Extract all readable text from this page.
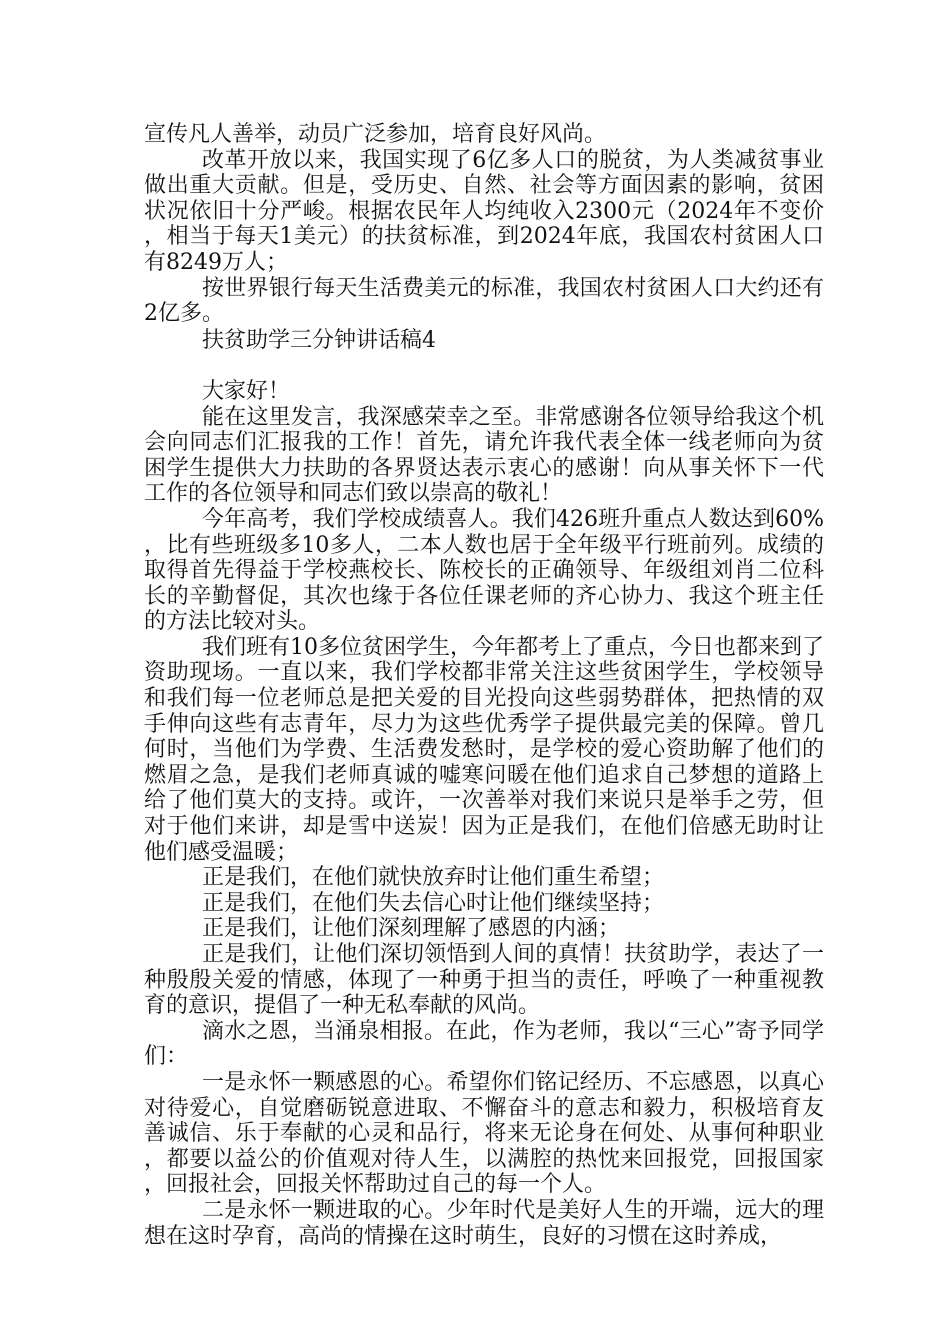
宣传凡人善举，动员广泛参加，培育良好风尚。

改革开放以来，我国实现了6亿多人口的脱贫，为人类减贫事业做出重大贡献。但是，受历史、自然、社会等方面因素的影响，贫困状况依旧十分严峻。根据农民年人均纯收入2300元（2024年不变价，相当于每天1美元）的扶贫标准，到2024年底，我国农村贫困人口有8249万人；

按世界银行每天生活费美元的标准，我国农村贫困人口大约还有2亿多。

扶贫助学三分钟讲话稿4

大家好！

能在这里发言，我深感荣幸之至。非常感谢各位领导给我这个机会向同志们汇报我的工作！首先，请允许我代表全体一线老师向为贫困学生提供大力扶助的各界贤达表示衷心的感谢！向从事关怀下一代工作的各位领导和同志们致以崇高的敬礼！

今年高考，我们学校成绩喜人。我们426班升重点人数达到60%，比有些班级多10多人，二本人数也居于全年级平行班前列。成绩的取得首先得益于学校燕校长、陈校长的正确领导、年级组刘肖二位科长的辛勤督促，其次也缘于各位任课老师的齐心协力、我这个班主任的方法比较对头。

我们班有10多位贫困学生，今年都考上了重点，今日也都来到了资助现场。一直以来，我们学校都非常关注这些贫困学生，学校领导和我们每一位老师总是把关爱的目光投向这些弱势群体，把热情的双手伸向这些有志青年，尽力为这些优秀学子提供最完美的保障。曾几何时，当他们为学费、生活费发愁时，是学校的爱心资助解了他们的燃眉之急，是我们老师真诚的嘘寒问暖在他们追求自己梦想的道路上给了他们莫大的支持。或许，一次善举对我们来说只是举手之劳，但对于他们来讲，却是雪中送炭！因为正是我们，在他们倍感无助时让他们感受温暖；

正是我们，在他们就快放弃时让他们重生希望；

正是我们，在他们失去信心时让他们继续坚持；

正是我们，让他们深刻理解了感恩的内涵；

正是我们，让他们深切领悟到人间的真情！扶贫助学，表达了一种殷殷关爱的情感，体现了一种勇于担当的责任，呼唤了一种重视教育的意识，提倡了一种无私奉献的风尚。

滴水之恩，当涌泉相报。在此，作为老师，我以“三心”寄予同学们：

一是永怀一颗感恩的心。希望你们铭记经历、不忘感恩，以真心对待爱心，自觉磨砺锐意进取、不懈奋斗的意志和毅力，积极培育友善诚信、乐于奉献的心灵和品行，将来无论身在何处、从事何种职业，都要以益公的价值观对待人生，以满腔的热忱来回报党，回报国家，回报社会，回报关怀帮助过自己的每一个人。

二是永怀一颗进取的心。少年时代是美好人生的开端，远大的理想在这时孕育，高尚的情操在这时萌生，良好的习惯在这时养成，
